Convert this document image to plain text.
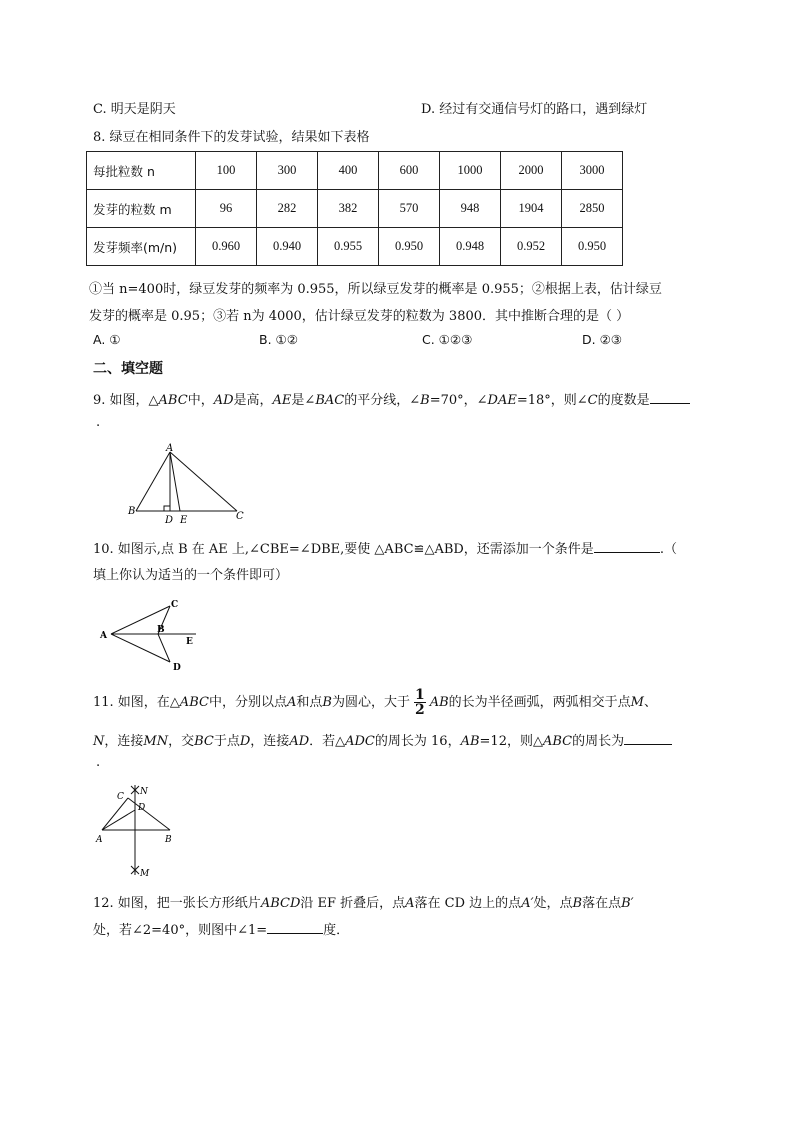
C. 明天是阴天	D. 经过有交通信号灯的路口，遇到绿灯
8. 绿豆在相同条件下的发芽试验，结果如下表格
每批粒数 n	100	300	400	600	1000	2000	3000
发芽的粒数 m	96	282	382	570	948	1904	2850
发芽频率(m/n)	0.960	0.940	0.955	0.950	0.948	0.952	0.950
①当 n=400时，绿豆发芽的频率为 0.955，所以绿豆发芽的概率是 0.955；②根据上表，估计绿豆
发芽的概率是 0.95；③若 n为 4000，估计绿豆发芽的粒数为 3800．其中推断合理的是（ ）
A. ①	B. ①②	C. ①②③	D. ②③
二、填空题
9. 如图，△ABC中，AD是高，AE是∠BAC的平分线，∠B=70°，∠DAE=18°，则∠C的度数是
.
A
B	C
D E
10. 如图示,点 B 在 AE 上,∠CBE=∠DBE,要使 △ABC≌△ABD，还需添加一个条件是	.（
填上你认为适当的一个条件即可）
A
B
C
D
E
11. 如图，在△ABC中，分别以点A和点B为圆心，大于 $\frac{1}{2}$ AB的长为半径画弧，两弧相交于点M、
N，连接MN，交BC于点D，连接AD．若△ADC的周长为 16，AB=12，则△ABC的周长为
.
N
C
D
A	B
M
12. 如图，把一张长方形纸片ABCD沿 EF 折叠后，点A落在 CD 边上的点A′处，点B落在点B′
处，若∠2=40°，则图中∠1=	度．
